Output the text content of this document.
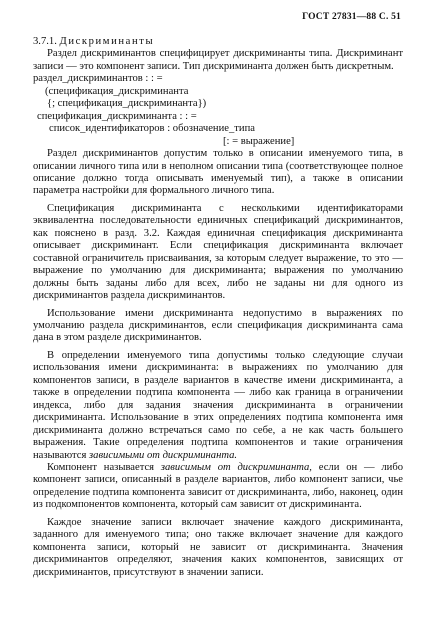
ГОСТ 27831—88 С. 51

3.7.1. Дискриминанты

Раздел дискриминантов специфицирует дискриминанты типа. Дискриминант записи — это компонент записи. Тип дискриминанта должен быть дискретным.

раздел_дискриминантов : : =
(спецификация_дискриминанта
{; спецификация_дискриминанта})
спецификация_дискриминанта : : =
список_идентификаторов : обозначение_типа
[: = выражение]

Раздел дискриминантов допустим только в описании именуемого типа, в описании личного типа или в неполном описании типа (соответствующее полное описание должно тогда описывать именуемый тип), а также в описании параметра настройки для формального личного типа.

Спецификация дискриминанта с несколькими идентификаторами эквивалентна последовательности единичных спецификаций дискриминантов, как пояснено в разд. 3.2. Каждая единичная спецификация дискриминанта описывает дискриминант. Если спецификация дискриминанта включает составной ограничитель присваивания, за которым следует выражение, то это — выражение по умолчанию для дискриминанта; выражения по умолчанию должны быть заданы либо для всех, либо не заданы ни для одного из дискриминантов раздела дискриминантов.

Использование имени дискриминанта недопустимо в выражениях по умолчанию раздела дискриминантов, если спецификация дискриминанта сама дана в этом разделе дискриминантов.

В определении именуемого типа допустимы только следующие случаи использования имени дискриминанта: в выражениях по умолчанию для компонентов записи, в разделе вариантов в качестве имени дискриминанта, а также в определении подтипа компонента — либо как граница в ограничении индекса, либо для задания значения дискриминанта в ограничении дискриминанта. Использование в этих определениях подтипа компонента имя дискриминанта должно встречаться само по себе, а не как часть большего выражения. Такие определения подтипа компонентов и такие ограничения называются зависимыми от дискриминанта.

Компонент называется зависимым от дискриминанта, если он — либо компонент записи, описанный в разделе вариантов, либо компонент записи, чье определение подтипа компонента зависит от дискриминанта, либо, наконец, один из подкомпонентов компонента, который сам зависит от дискриминанта.

Каждое значение записи включает значение каждого дискриминанта, заданного для именуемого типа; оно также включает значение для каждого компонента записи, который не зависит от дискриминанта. Значения дискриминантов определяют, значения каких компонентов, зависящих от дискриминантов, присутствуют в значении записи.
